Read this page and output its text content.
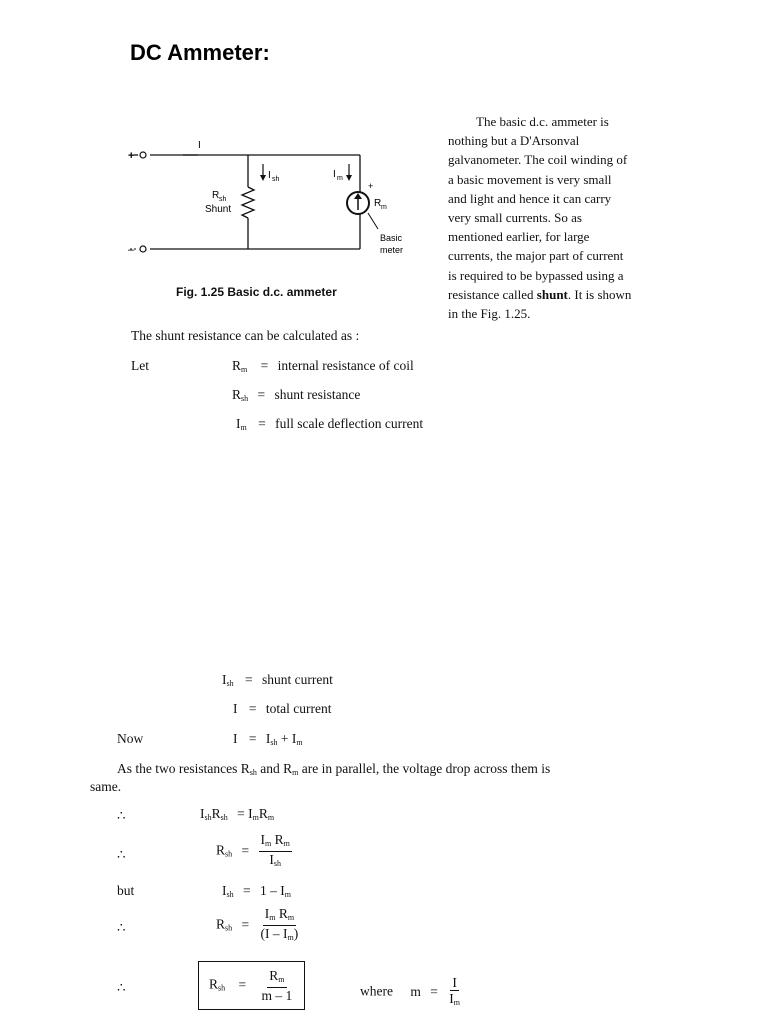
DC Ammeter:
+
–
I
I sh	I m
R sh
Shunt
+
R m
Basic
meter
Fig. 1.25 Basic d.c. ammeter
The basic d.c. ammeter is
nothing but a D'Arsonval
galvanometer. The coil winding of
a basic movement is very small
and light and hence it can carry
very small currents. So as
mentioned earlier, for large
currents, the major part of current
is required to be bypassed using a
resistance called shunt. It is shown
in the Fig. 1.25.
The shunt resistance can be calculated as :
Let	$R_m$ = internal resistance of coil
$R_{sh}$ = shunt resistance
$I_m$ = full scale deflection current
$I_{sh}$ = shunt current
I = total current
Now	$I = I_{sh} + I_m$
As the two resistances $R_{sh}$ and $R_m$ are in parallel, the voltage drop across them is
same.
∴	$I_{sh}R_{sh} = I_mR_m$
∴	$R_{sh} = \frac{I_m R_m}{I_{sh}}$
but	$I_{sh} = 1 - I_m$
∴	$R_{sh} = \frac{I_m R_m}{(I - I_m)}$
∴	$R_{sh} = \frac{R_m}{m - 1}$	where $m = \frac{I}{I_m}$
